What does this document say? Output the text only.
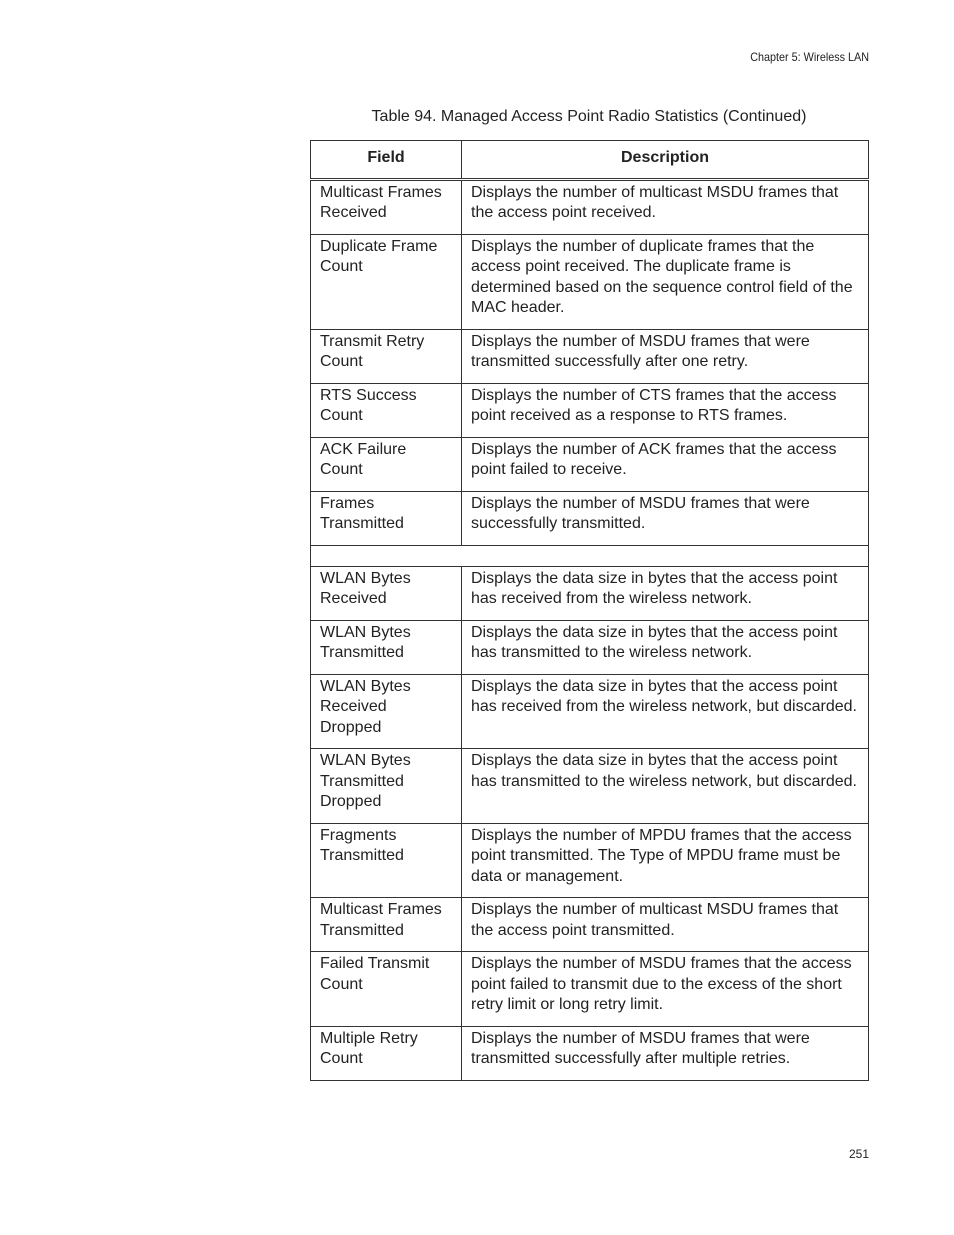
Chapter 5: Wireless LAN
Table 94. Managed Access Point Radio Statistics (Continued)
Field	Description
Multicast Frames Received	Displays the number of multicast MSDU frames that the access point received.
Duplicate Frame Count	Displays the number of duplicate frames that the access point received. The duplicate frame is determined based on the sequence control field of the MAC header.
Transmit Retry Count	Displays the number of MSDU frames that were transmitted successfully after one retry.
RTS Success Count	Displays the number of CTS frames that the access point received as a response to RTS frames.
ACK Failure Count	Displays the number of ACK frames that the access point failed to receive.
Frames Transmitted	Displays the number of MSDU frames that were successfully transmitted.

WLAN Bytes Received	Displays the data size in bytes that the access point has received from the wireless network.
WLAN Bytes Transmitted	Displays the data size in bytes that the access point has transmitted to the wireless network.
WLAN Bytes Received Dropped	Displays the data size in bytes that the access point has received from the wireless network, but discarded.
WLAN Bytes Transmitted Dropped	Displays the data size in bytes that the access point has transmitted to the wireless network, but discarded.
Fragments Transmitted	Displays the number of MPDU frames that the access point transmitted. The Type of MPDU frame must be data or management.
Multicast Frames Transmitted	Displays the number of multicast MSDU frames that the access point transmitted.
Failed Transmit Count	Displays the number of MSDU frames that the access point failed to transmit due to the excess of the short retry limit or long retry limit.
Multiple Retry Count	Displays the number of MSDU frames that were transmitted successfully after multiple retries.
251
